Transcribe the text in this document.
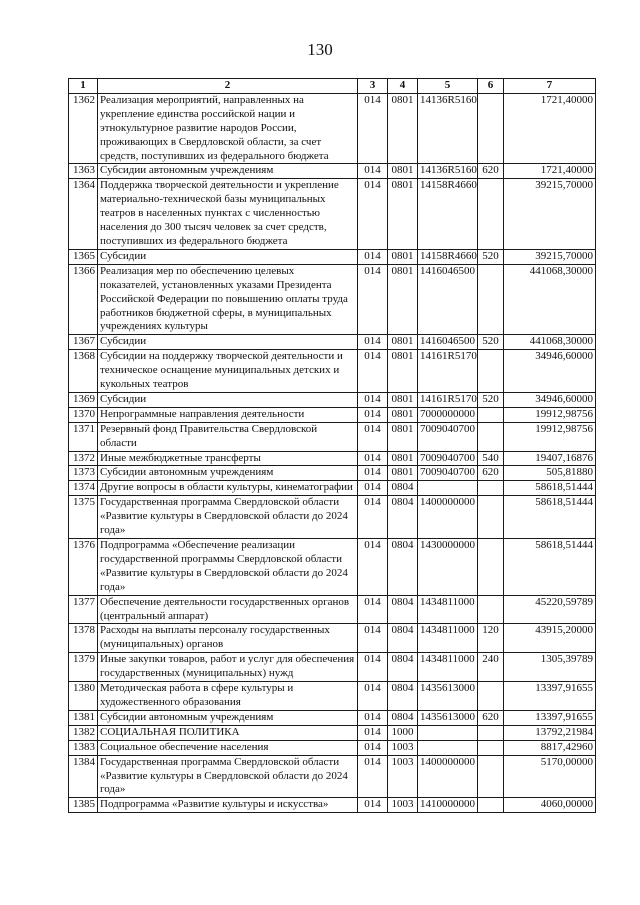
130
1	2	3	4	5	6	7
1362	Реализация мероприятий, направленных на укрепление единства российской нации и этнокультурное развитие народов России, проживающих в Свердловской области, за счет средств, поступивших из федерального бюджета	014	0801	14136R5160		1721,40000
1363	Субсидии автономным учреждениям	014	0801	14136R5160	620	1721,40000
1364	Поддержка творческой деятельности и укрепление материально-технической базы муниципальных театров в населенных пунктах с численностью населения до 300 тысяч человек за счет средств, поступивших из федерального бюджета	014	0801	14158R4660		39215,70000
1365	Субсидии	014	0801	14158R4660	520	39215,70000
1366	Реализация мер по обеспечению целевых показателей, установленных указами Президента Российской Федерации по повышению оплаты труда работников бюджетной сферы, в муниципальных учреждениях культуры	014	0801	1416046500		441068,30000
1367	Субсидии	014	0801	1416046500	520	441068,30000
1368	Субсидии на поддержку творческой деятельности и техническое оснащение муниципальных детских и кукольных театров	014	0801	14161R5170		34946,60000
1369	Субсидии	014	0801	14161R5170	520	34946,60000
1370	Непрограммные направления деятельности	014	0801	7000000000		19912,98756
1371	Резервный фонд Правительства Свердловской области	014	0801	7009040700		19912,98756
1372	Иные межбюджетные трансферты	014	0801	7009040700	540	19407,16876
1373	Субсидии автономным учреждениям	014	0801	7009040700	620	505,81880
1374	Другие вопросы в области культуры, кинематографии	014	0804			58618,51444
1375	Государственная программа Свердловской области «Развитие культуры в Свердловской области до 2024 года»	014	0804	1400000000		58618,51444
1376	Подпрограмма «Обеспечение реализации государственной программы Свердловской области «Развитие культуры в Свердловской области до 2024 года»	014	0804	1430000000		58618,51444
1377	Обеспечение деятельности государственных органов (центральный аппарат)	014	0804	1434811000		45220,59789
1378	Расходы на выплаты персоналу государственных (муниципальных) органов	014	0804	1434811000	120	43915,20000
1379	Иные закупки товаров, работ и услуг для обеспечения государственных (муниципальных) нужд	014	0804	1434811000	240	1305,39789
1380	Методическая работа в сфере культуры и художественного образования	014	0804	1435613000		13397,91655
1381	Субсидии автономным учреждениям	014	0804	1435613000	620	13397,91655
1382	СОЦИАЛЬНАЯ ПОЛИТИКА	014	1000			13792,21984
1383	Социальное обеспечение населения	014	1003			8817,42960
1384	Государственная программа Свердловской области «Развитие культуры в Свердловской области до 2024 года»	014	1003	1400000000		5170,00000
1385	Подпрограмма «Развитие культуры и искусства»	014	1003	1410000000		4060,00000
